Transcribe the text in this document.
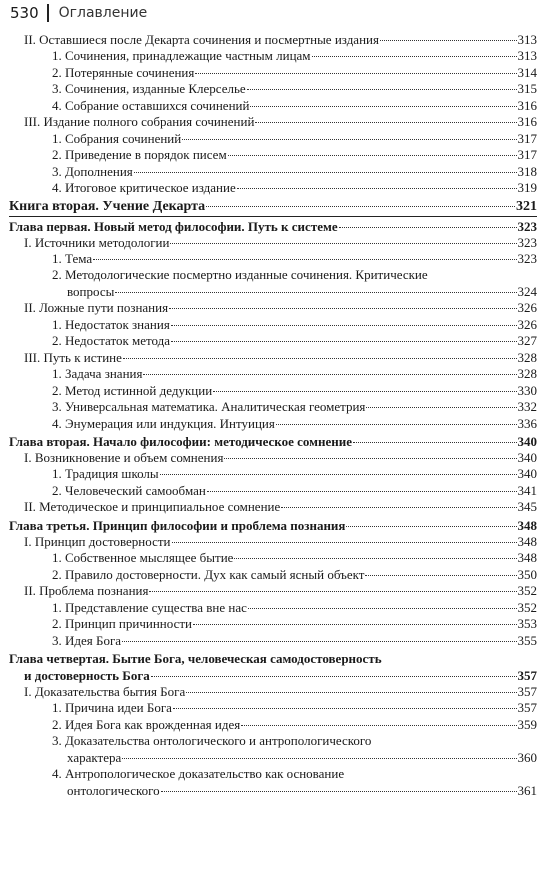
530 Оглавление
II. Оставшиеся после Декарта сочинения и посмертные издания	313
1. Сочинения, принадлежащие частным лицам	313
2. Потерянные сочинения	314
3. Сочинения, изданные Клерселье	315
4. Собрание оставшихся сочинений	316
III. Издание полного собрания сочинений	316
1. Собрания сочинений	317
2. Приведение в порядок писем	317
3. Дополнения	318
4. Итоговое критическое издание	319
Книга вторая. Учение Декарта	321
Глава первая. Новый метод философии. Путь к системе	323
I. Источники методологии	323
1. Тема	323
2. Методологические посмертно изданные сочинения. Критические
вопросы	324
II. Ложные пути познания	326
1. Недостаток знания	326
2. Недостаток метода	327
III. Путь к истине	328
1. Задача знания	328
2. Метод истинной дедукции	330
3. Универсальная математика. Аналитическая геометрия	332
4. Энумерация или индукция. Интуиция	336
Глава вторая. Начало философии: методическое сомнение	340
I. Возникновение и объем сомнения	340
1. Традиция школы	340
2. Человеческий самообман	341
II. Методическое и принципиальное сомнение	345
Глава третья. Принцип философии и проблема познания	348
I. Принцип достоверности	348
1. Собственное мыслящее бытие	348
2. Правило достоверности. Дух как самый ясный объект	350
II. Проблема познания	352
1. Представление существа вне нас	352
2. Принцип причинности	353
3. Идея Бога	355
Глава четвертая. Бытие Бога, человеческая самодостоверность
и достоверность Бога	357
I. Доказательства бытия Бога	357
1. Причина идеи Бога	357
2. Идея Бога как врожденная идея	359
3. Доказательства онтологического и антропологического
характера	360
4. Антропологическое доказательство как основание
онтологического	361
